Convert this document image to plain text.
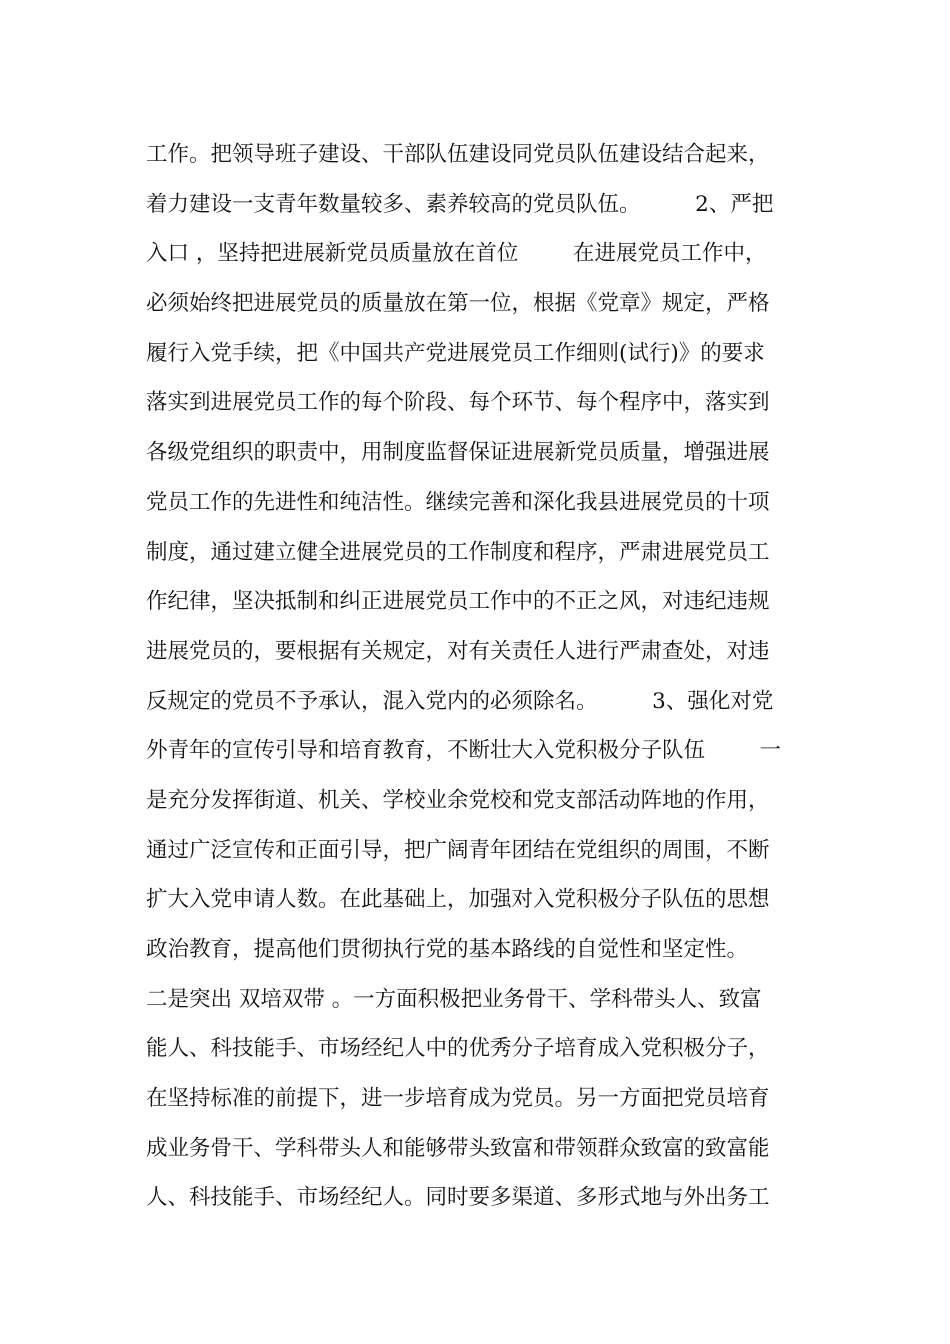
工作。把领导班子建设、干部队伍建设同党员队伍建设结合起来，
着力建设一支青年数量较多、素养较高的党员队伍。        2、严把
入口 ，坚持把进展新党员质量放在首位        在进展党员工作中，
必须始终把进展党员的质量放在第一位，根据《党章》规定，严格
履行入党手续，把《中国共产党进展党员工作细则(试行)》的要求
落实到进展党员工作的每个阶段、每个环节、每个程序中，落实到
各级党组织的职责中，用制度监督保证进展新党员质量，增强进展
党员工作的先进性和纯洁性。继续完善和深化我县进展党员的十项
制度，通过建立健全进展党员的工作制度和程序，严肃进展党员工
作纪律，坚决抵制和纠正进展党员工作中的不正之风，对违纪违规
进展党员的，要根据有关规定，对有关责任人进行严肃查处，对违
反规定的党员不予承认，混入党内的必须除名。        3、强化对党
外青年的宣传引导和培育教育，不断壮大入党积极分子队伍        一
是充分发挥街道、机关、学校业余党校和党支部活动阵地的作用，
通过广泛宣传和正面引导，把广阔青年团结在党组织的周围，不断
扩大入党申请人数。在此基础上，加强对入党积极分子队伍的思想
政治教育，提高他们贯彻执行党的基本路线的自觉性和坚定性。
二是突出 双培双带 。一方面积极把业务骨干、学科带头人、致富
能人、科技能手、市场经纪人中的优秀分子培育成入党积极分子，
在坚持标准的前提下，进一步培育成为党员。另一方面把党员培育
成业务骨干、学科带头人和能够带头致富和带领群众致富的致富能
人、科技能手、市场经纪人。同时要多渠道、多形式地与外出务工
